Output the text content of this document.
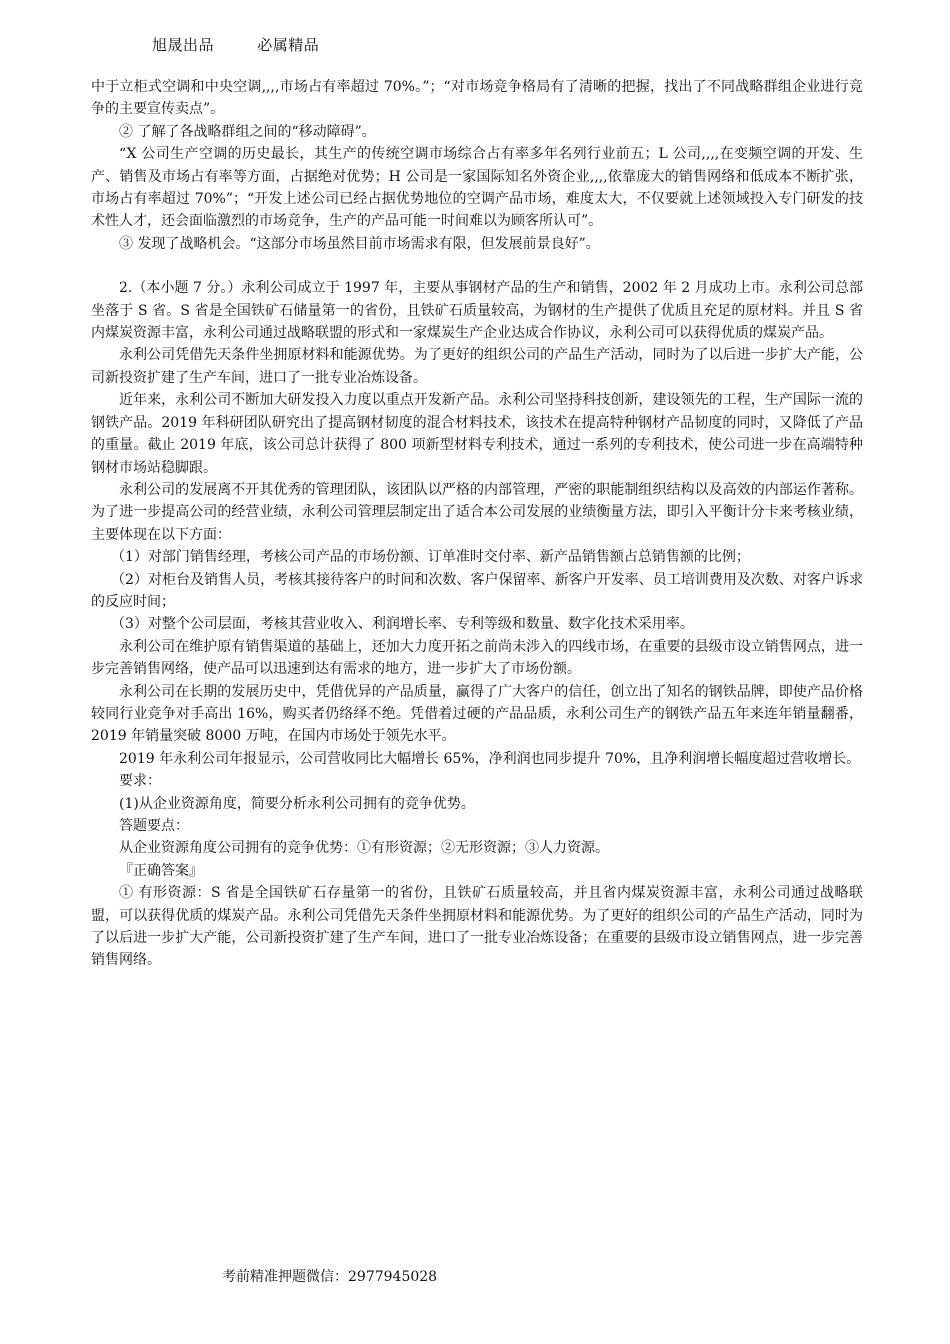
旭晟出品	必属精品

中于立柜式空调和中央空调,,,,市场占有率超过 70%。”；“对市场竞争格局有了清晰的把握，找出了不同战略群组企业进行竞争的主要宣传卖点”。

② 了解了各战略群组之间的“移动障碍”。

“X 公司生产空调的历史最长，其生产的传统空调市场综合占有率多年名列行业前五；L 公司,,,,在变频空调的开发、生产、销售及市场占有率等方面，占据绝对优势；H 公司是一家国际知名外资企业,,,,依靠庞大的销售网络和低成本不断扩张，市场占有率超过 70%”；“开发上述公司已经占据优势地位的空调产品市场，难度太大，不仅要就上述领域投入专门研发的技术性人才，还会面临激烈的市场竞争，生产的产品可能一时间难以为顾客所认可”。

③ 发现了战略机会。“这部分市场虽然目前市场需求有限，但发展前景良好”。

2.（本小题 7 分。）永利公司成立于 1997 年，主要从事钢材产品的生产和销售，2002 年 2 月成功上市。永利公司总部坐落于 S 省。S 省是全国铁矿石储量第一的省份，且铁矿石质量较高，为钢材的生产提供了优质且充足的原材料。并且 S 省内煤炭资源丰富，永利公司通过战略联盟的形式和一家煤炭生产企业达成合作协议，永利公司可以获得优质的煤炭产品。

永利公司凭借先天条件坐拥原材料和能源优势。为了更好的组织公司的产品生产活动，同时为了以后进一步扩大产能，公司新投资扩建了生产车间，进口了一批专业冶炼设备。

近年来，永利公司不断加大研发投入力度以重点开发新产品。永利公司坚持科技创新，建设领先的工程，生产国际一流的钢铁产品。2019 年科研团队研究出了提高钢材韧度的混合材料技术，该技术在提高特种钢材产品韧度的同时，又降低了产品的重量。截止 2019 年底，该公司总计获得了 800 项新型材料专利技术，通过一系列的专利技术，使公司进一步在高端特种钢材市场站稳脚跟。

永利公司的发展离不开其优秀的管理团队，该团队以严格的内部管理，严密的职能制组织结构以及高效的内部运作著称。为了进一步提高公司的经营业绩，永利公司管理层制定出了适合本公司发展的业绩衡量方法，即引入平衡计分卡来考核业绩，主要体现在以下方面：

（1）对部门销售经理，考核公司产品的市场份额、订单准时交付率、新产品销售额占总销售额的比例；

（2）对柜台及销售人员，考核其接待客户的时间和次数、客户保留率、新客户开发率、员工培训费用及次数、对客户诉求的反应时间；

（3）对整个公司层面，考核其营业收入、利润增长率、专利等级和数量、数字化技术采用率。

永利公司在维护原有销售渠道的基础上，还加大力度开拓之前尚未涉入的四线市场，在重要的县级市设立销售网点，进一步完善销售网络，使产品可以迅速到达有需求的地方，进一步扩大了市场份额。

永利公司在长期的发展历史中，凭借优异的产品质量，赢得了广大客户的信任，创立出了知名的钢铁品牌，即使产品价格较同行业竞争对手高出 16%，购买者仍络绎不绝。凭借着过硬的产品品质，永利公司生产的钢铁产品五年来连年销量翻番，2019 年销量突破 8000 万吨，在国内市场处于领先水平。

2019 年永利公司年报显示，公司营收同比大幅增长 65%，净利润也同步提升 70%，且净利润增长幅度超过营收增长。

要求：

(1)从企业资源角度，简要分析永利公司拥有的竞争优势。

答题要点：

从企业资源角度公司拥有的竞争优势：①有形资源；②无形资源；③人力资源。

『正确答案』

① 有形资源：S 省是全国铁矿石存量第一的省份，且铁矿石质量较高，并且省内煤炭资源丰富，永利公司通过战略联盟，可以获得优质的煤炭产品。永利公司凭借先天条件坐拥原材料和能源优势。为了更好的组织公司的产品生产活动，同时为了以后进一步扩大产能，公司新投资扩建了生产车间，进口了一批专业冶炼设备；在重要的县级市设立销售网点，进一步完善销售网络。

考前精准押题微信：2977945028
